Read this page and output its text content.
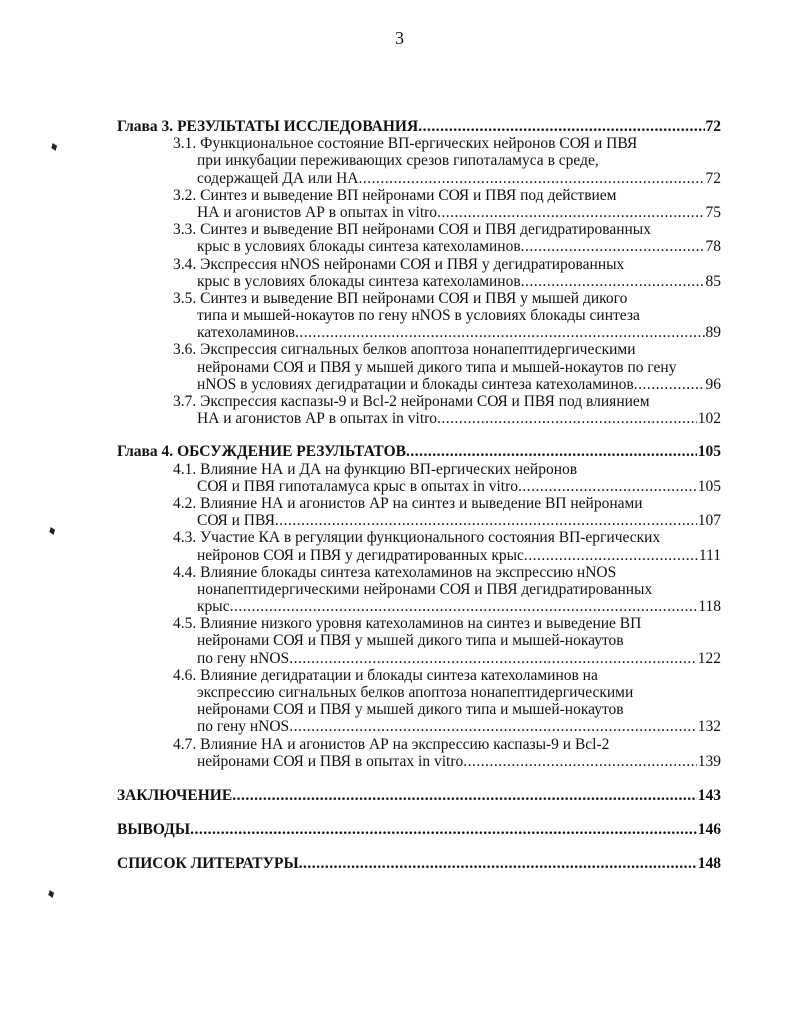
3
Глава 3.
РЕЗУЛЬТАТЫ ИССЛЕДОВАНИЯ .....	72
3.1.
Функциональное состояние ВП-ергических нейронов СОЯ и ПВЯ
при инкубации переживающих срезов гипоталамуса в среде,
содержащей ДА или НА .....	72
3.2.
Синтез и выведение ВП нейронами СОЯ и ПВЯ под действием
НА и агонистов АР в опытах in vitro .....	75
3.3.
Синтез и выведение ВП нейронами СОЯ и ПВЯ дегидратированных
крыс в условиях блокады синтеза катехоламинов .....	78
3.4.
Экспрессия нNOS нейронами СОЯ и ПВЯ у дегидратированных
крыс в условиях блокады синтеза катехоламинов .....	85
3.5.
Синтез и выведение ВП нейронами СОЯ и ПВЯ у мышей дикого
типа и мышей-нокаутов по гену нNOS в условиях блокады синтеза
катехоламинов .....	89
3.6.
Экспрессия сигнальных белков апоптоза нонапептидергическими
нейронами СОЯ и ПВЯ у мышей дикого типа и мышей-нокаутов по гену
нNOS в условиях дегидратации и блокады синтеза катехоламинов .....	96
3.7.
Экспрессия каспазы-9 и Bcl-2 нейронами СОЯ и ПВЯ под влиянием
НА и агонистов АР в опытах in vitro .....	102
Глава 4.
ОБСУЖДЕНИЕ РЕЗУЛЬТАТОВ .....	105
4.1.
Влияние НА и ДА на функцию ВП-ергических нейронов
СОЯ и ПВЯ гипоталамуса крыс в опытах in vitro .....	105
4.2.
Влияние НА и агонистов АР на синтез и выведение ВП нейронами
СОЯ и ПВЯ .....	107
4.3.
Участие КА в регуляции функционального состояния ВП-ергических
нейронов СОЯ и ПВЯ у дегидратированных крыс .....	111
4.4.
Влияние блокады синтеза катехоламинов на экспрессию нNOS
нонапептидергическими нейронами СОЯ и ПВЯ дегидратированных
крыс .....	118
4.5.
Влияние низкого уровня катехоламинов на синтез и выведение ВП
нейронами СОЯ и ПВЯ у мышей дикого типа и мышей-нокаутов
по гену нNOS .....	122
4.6.
Влияние дегидратации и блокады синтеза катехоламинов на
экспрессию сигнальных белков апоптоза нонапептидергическими
нейронами СОЯ и ПВЯ у мышей дикого типа и мышей-нокаутов
по гену нNOS .....	132
4.7.
Влияние НА и агонистов АР на экспрессию каспазы-9 и Bcl-2
нейронами СОЯ и ПВЯ в опытах in vitro .....	139
ЗАКЛЮЧЕНИЕ .....	143
ВЫВОДЫ .....	146
СПИСОК ЛИТЕРАТУРЫ .....	148
♦
♦
♦
